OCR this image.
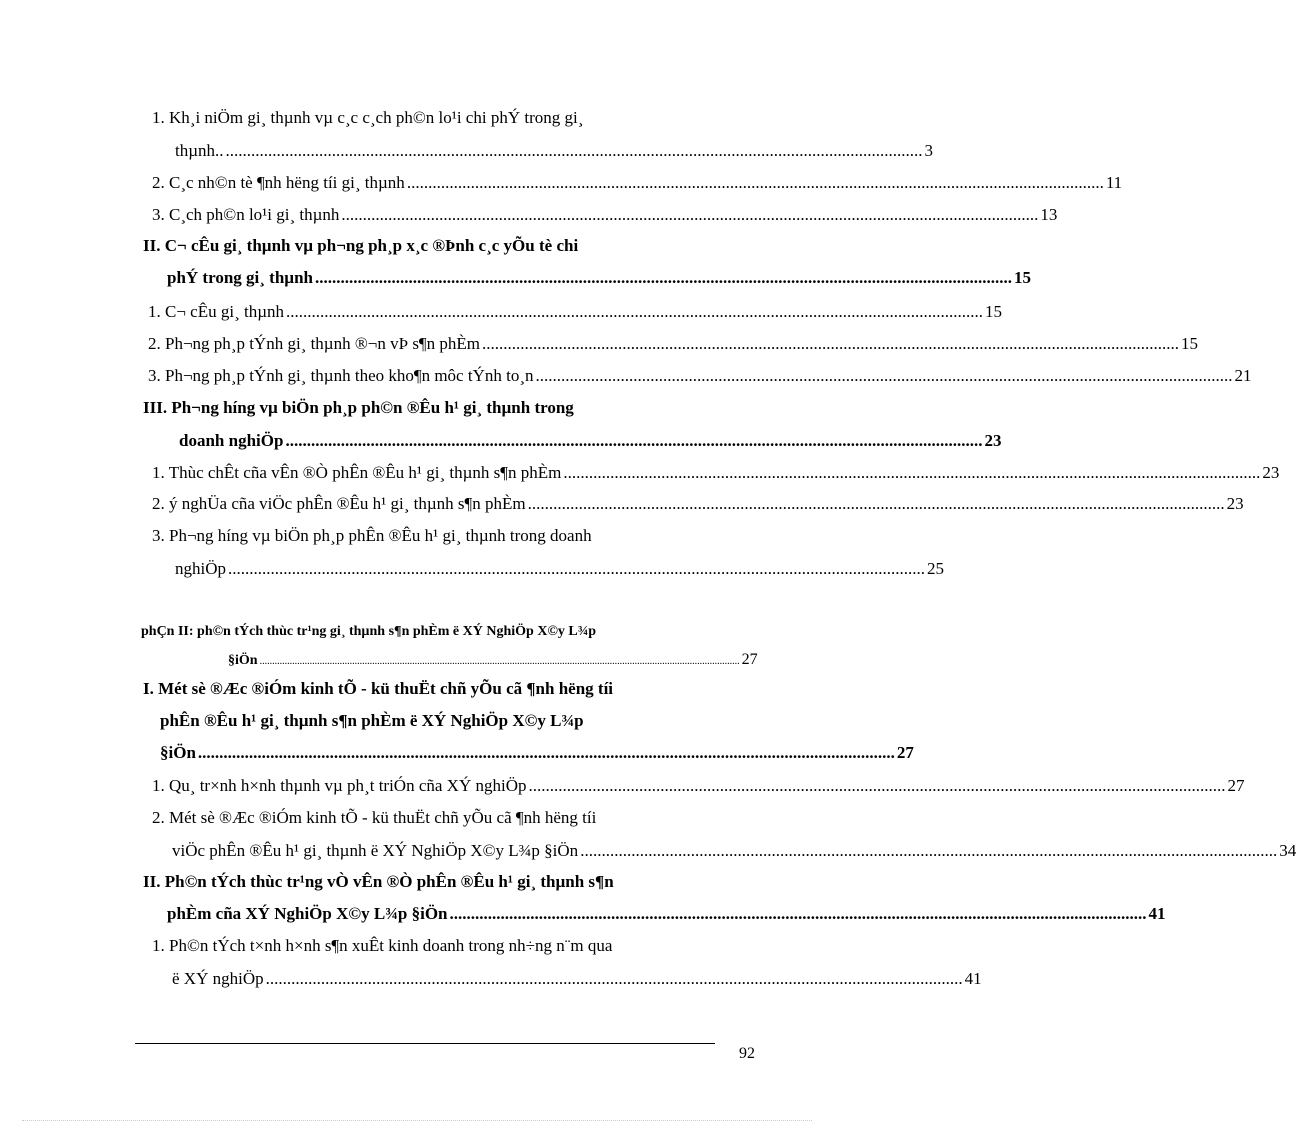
1. Kh¸i niÖm gi¸ thµnh vµ c¸c c¸ch ph©n lo¹i chi phÝ trong gi¸
thµnh.. .................................................................................................................................................................... 3
2. C¸c nh©n tè ¶nh hëng tíi gi¸ thµnh .................................................................................................................................................................... 11
3. C¸ch ph©n lo¹i gi¸ thµnh .................................................................................................................................................................... 13
II. C¬ cÊu gi¸ thµnh vµ ph¬ng ph¸p x¸c ®Þnh c¸c yÕu tè chi
phÝ trong gi¸ thµnh .................................................................................................................................................................... 15
1. C¬ cÊu gi¸ thµnh .................................................................................................................................................................... 15
2. Ph¬ng ph¸p tÝnh gi¸ thµnh ®¬n vÞ s¶n phÈm .................................................................................................................................................................... 15
3. Ph¬ng ph¸p tÝnh gi¸ thµnh theo kho¶n môc tÝnh to¸n .................................................................................................................................................................... 21
III. Ph¬ng híng vµ biÖn ph¸p ph©n ®Êu h¹ gi¸ thµnh trong
doanh nghiÖp .................................................................................................................................................................... 23
1. Thùc chÊt cña vÊn ®Ò phÊn ®Êu h¹ gi¸ thµnh s¶n phÈm .................................................................................................................................................................... 23
2. ý nghÜa cña viÖc phÊn ®Êu h¹ gi¸ thµnh s¶n phÈm .................................................................................................................................................................... 23
3. Ph¬ng híng vµ biÖn ph¸p phÊn ®Êu h¹ gi¸ thµnh trong doanh
nghiÖp .................................................................................................................................................................... 25
phÇn II: ph©n tÝch thùc tr¹ng gi¸ thµnh s¶n phÈm ë XÝ NghiÖp X©y L¾p
§iÖn ................................................................................................................................................................................................ 27
I. Mét sè ®Æc ®iÓm kinh tÕ - kü thuËt chñ yÕu cã ¶nh hëng tíi
phÊn ®Êu h¹ gi¸ thµnh s¶n phÈm ë XÝ NghiÖp X©y L¾p
§iÖn .................................................................................................................................................................... 27
1. Qu¸ tr×nh h×nh thµnh vµ ph¸t triÓn cña XÝ nghiÖp .................................................................................................................................................................... 27
2. Mét sè ®Æc ®iÓm kinh tÕ - kü thuËt chñ yÕu cã ¶nh hëng tíi
viÖc phÊn ®Êu h¹ gi¸ thµnh ë XÝ NghiÖp X©y L¾p §iÖn .................................................................................................................................................................... 34
II. Ph©n tÝch thùc tr¹ng vÒ vÊn ®Ò phÊn ®Êu h¹ gi¸ thµnh s¶n
phÈm cña XÝ NghiÖp X©y L¾p §iÖn .................................................................................................................................................................... 41
1. Ph©n tÝch t×nh h×nh s¶n xuÊt kinh doanh trong nh÷ng n¨m qua
ë XÝ nghiÖp .................................................................................................................................................................... 41
92
